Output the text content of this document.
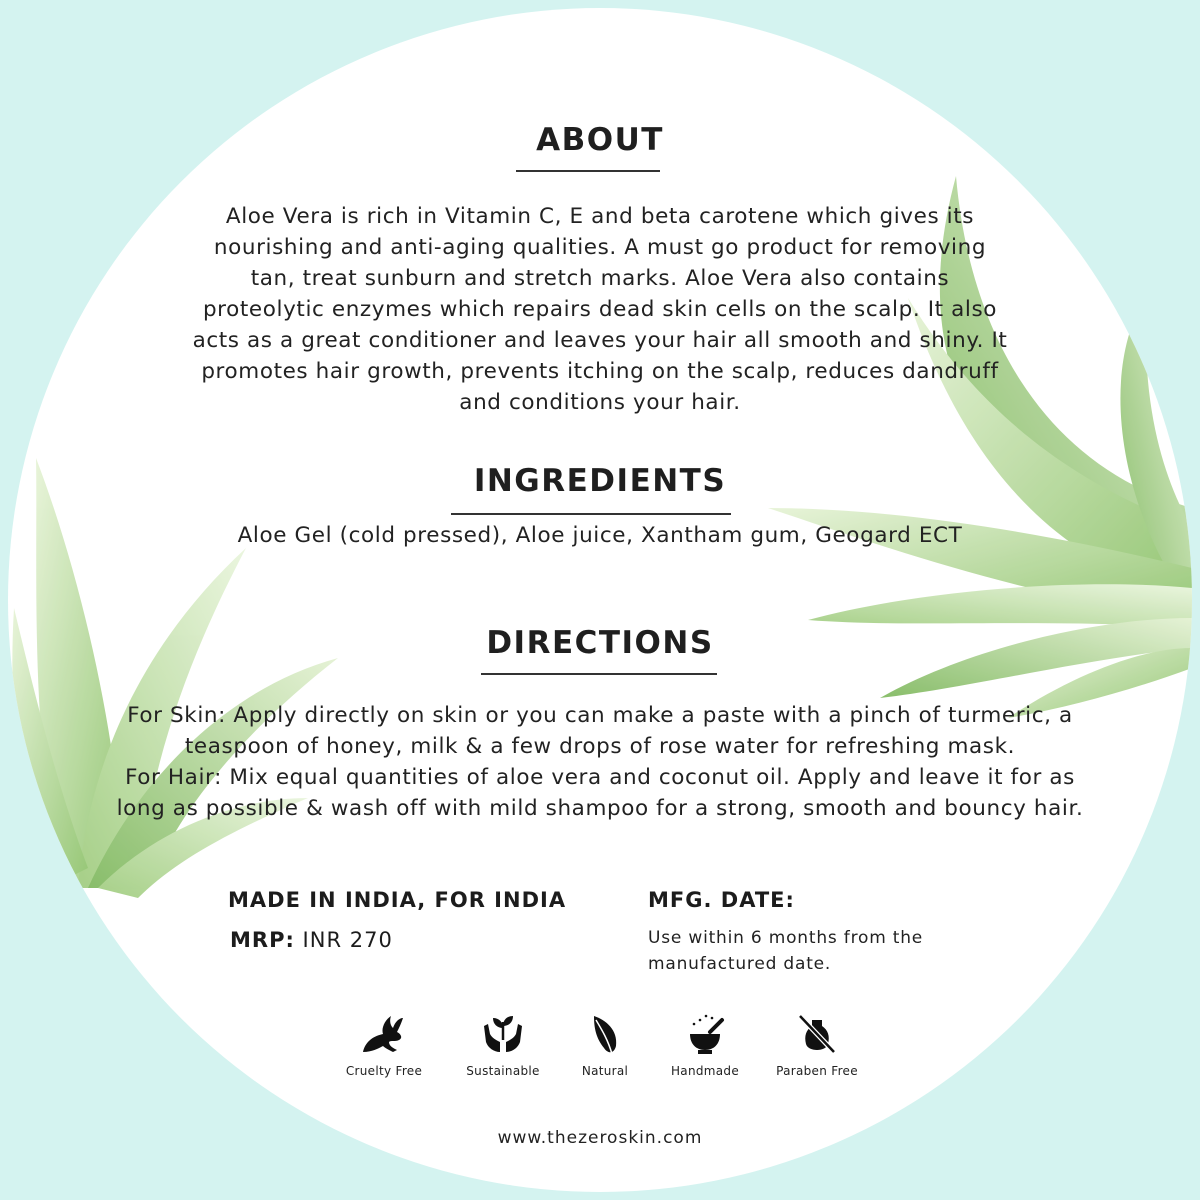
ABOUT
Aloe Vera is rich in Vitamin C, E and beta carotene which gives its
nourishing and anti-aging qualities. A must go product for removing
tan, treat sunburn and stretch marks. Aloe Vera also contains
proteolytic enzymes which repairs dead skin cells on the scalp. It also
acts as a great conditioner and leaves your hair all smooth and shiny. It
promotes hair growth, prevents itching on the scalp, reduces dandruff
and conditions your hair.
INGREDIENTS
Aloe Gel (cold pressed), Aloe juice, Xantham gum, Geogard ECT
DIRECTIONS
For Skin: Apply directly on skin or you can make a paste with a pinch of turmeric, a
teaspoon of honey, milk & a few drops of rose water for refreshing mask.
For Hair: Mix equal quantities of aloe vera and coconut oil. Apply and leave it for as
long as possible & wash off with mild shampoo for a strong, smooth and bouncy hair.
MADE IN INDIA, FOR INDIA
MRP: INR 270
MFG. DATE:
Use within 6 months from the
manufactured date.
Cruelty Free	Sustainable	Natural	Handmade	Paraben Free
www.thezeroskin.com
